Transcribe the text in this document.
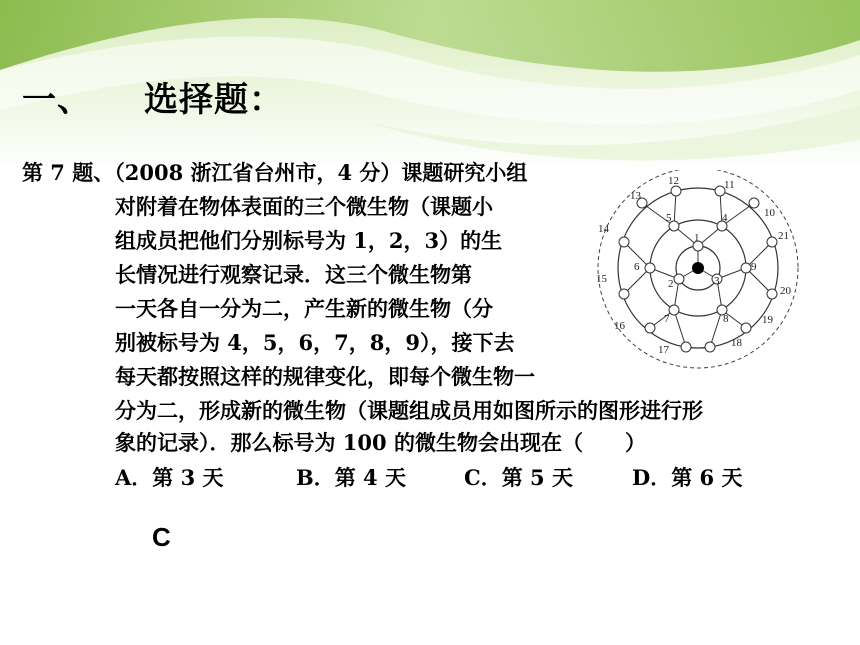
一、 选择题：
第 7 题、（2008 浙江省台州市，4 分）课题研究小组
对附着在物体表面的三个微生物（课题小
组成员把他们分别标号为 1，2，3）的生
长情况进行观察记录．这三个微生物第
一天各自一分为二，产生新的微生物（分
别被标号为 4，5，6，7，8，9），接下去
每天都按照这样的规律变化，即每个微生物一
分为二，形成新的微生物（课题组成员用如图所示的图形进行形
象的记录）．那么标号为 100 的微生物会出现在（　　）
A．第 3 天	B．第 4 天	C．第 5 天	D．第 6 天
C
1
2	3
4
5
6
7	8
9
10
11
12
13
14
15
16
17
18
19
20
21
